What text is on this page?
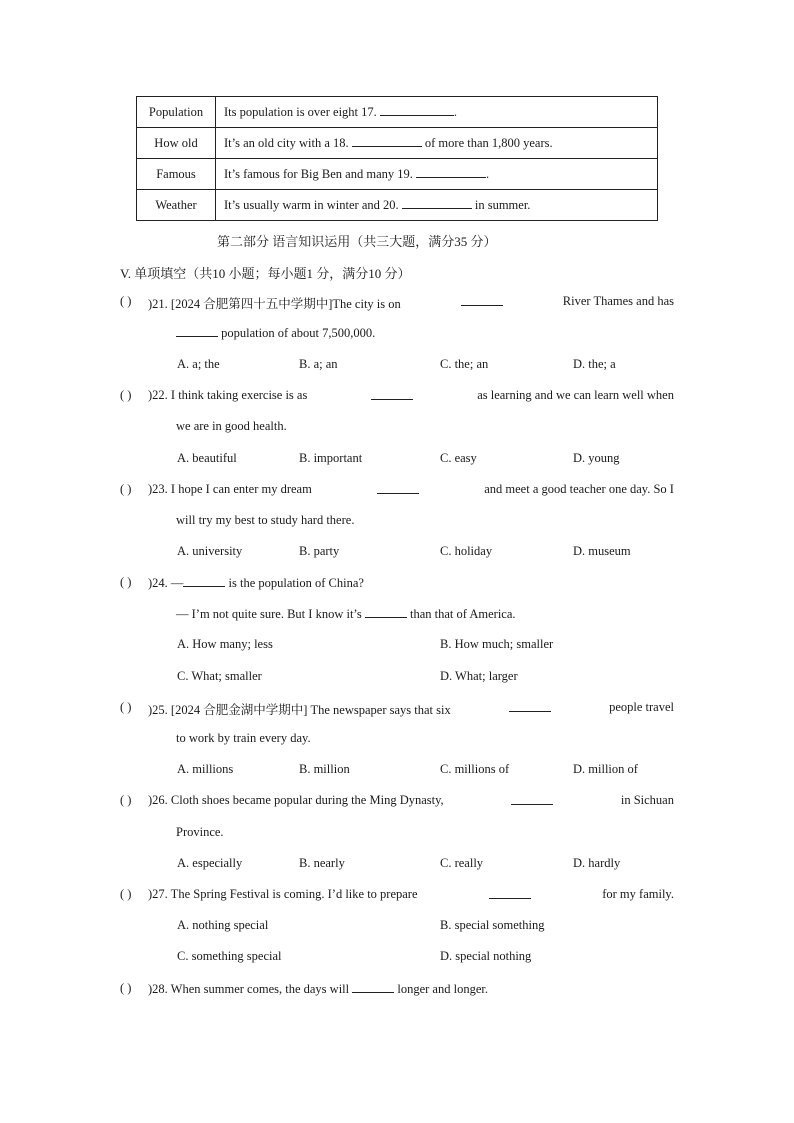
Population	Its population is over eight 17. .
How old	It’s an old city with a 18. of more than 1,800 years.
Famous	It’s famous for Big Ben and many 19. .
Weather	It’s usually warm in winter and 20. in summer.
第二部分 语言知识运用（共三大题，满分35 分）
V. 单项填空（共10 小题；每小题1 分，满分10 分）
( ) )21. [2024 合肥第四十五中学期中]The city is on	River Thames and has
population of about 7,500,000.
A. a; the	B. a; an	C. the; an	D. the; a
( ) )22. I think taking exercise is as	as learning and we can learn well when
we are in good health.
A. beautiful	B. important	C. easy	D. young
( ) )23. I hope I can enter my dream	and meet a good teacher one day. So I
will try my best to study hard there.
A. university	B. party	C. holiday	D. museum
( ) )24. —	is the population of China?
— I’m not quite sure. But I know it’s	than that of America.
A. How many; less	B. How much; smaller
C. What; smaller	D. What; larger
( ) )25. [2024 合肥金湖中学期中] The newspaper says that six	people travel
to work by train every day.
A. millions	B. million	C. millions of	D. million of
( ) )26. Cloth shoes became popular during the Ming Dynasty,	in Sichuan
Province.
A. especially	B. nearly	C. really	D. hardly
( ) )27. The Spring Festival is coming. I’d like to prepare	for my family.
A. nothing special	B. special something
C. something special	D. special nothing
( ) )28. When summer comes, the days will	longer and longer.
